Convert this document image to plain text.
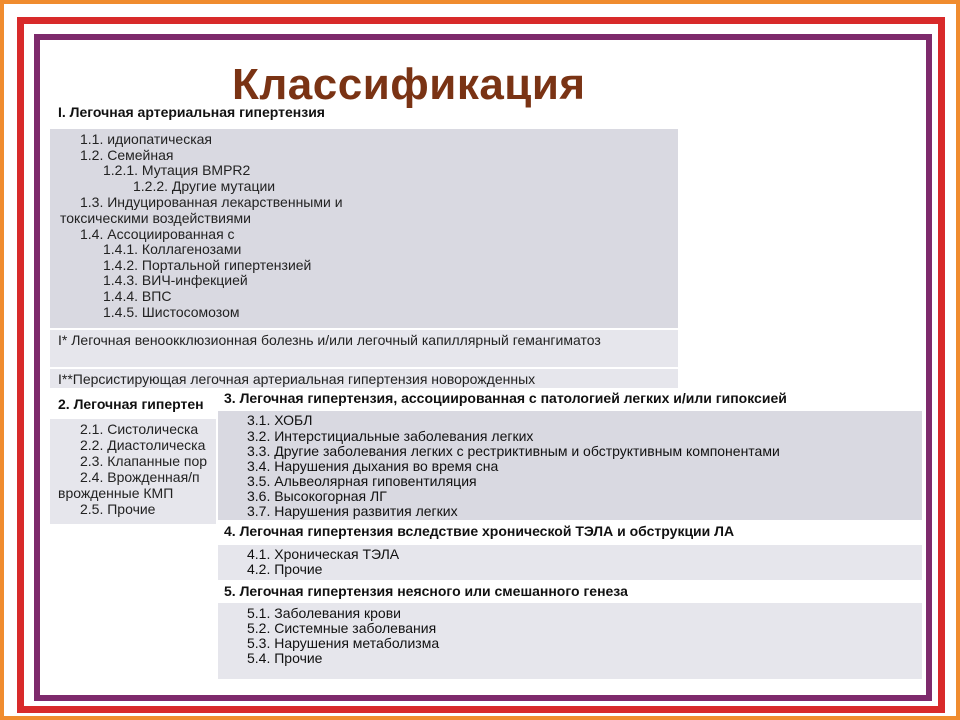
Классификация
I. Легочная артериальная гипертензия
1.1. идиопатическая
1.2. Семейная
1.2.1. Мутация BMPR2
1.2.2. Другие мутации
1.3. Индуцированная лекарственными и
токсическими воздействиями
1.4. Ассоциированная с
1.4.1. Коллагенозами
1.4.2. Портальной гипертензией
1.4.3. ВИЧ-инфекцией
1.4.4. ВПС
1.4.5. Шистосомозом
I* Легочная веноокклюзионная болезнь и/или легочный капиллярный гемангиматоз
I**Персистирующая легочная артериальная гипертензия новорожденных
2. Легочная гипертен
2.1. Систолическа
2.2. Диастолическа
2.3. Клапанные пор
2.4. Врожденная/п
врожденные КМП
2.5. Прочие
3. Легочная гипертензия, ассоциированная с патологией легких и/или гипоксией
3.1. ХОБЛ
3.2. Интерстициальные заболевания легких
3.3. Другие заболевания легких с рестриктивным и обструктивным компонентами
3.4. Нарушения дыхания во время сна
3.5. Альвеолярная гиповентиляция
3.6. Высокогорная ЛГ
3.7. Нарушения развития легких
4. Легочная гипертензия вследствие хронической ТЭЛА и обструкции ЛА
4.1. Хроническая ТЭЛА
4.2. Прочие
5. Легочная гипертензия неясного или смешанного генеза
5.1. Заболевания крови
5.2. Системные заболевания
5.3. Нарушения метаболизма
5.4. Прочие
